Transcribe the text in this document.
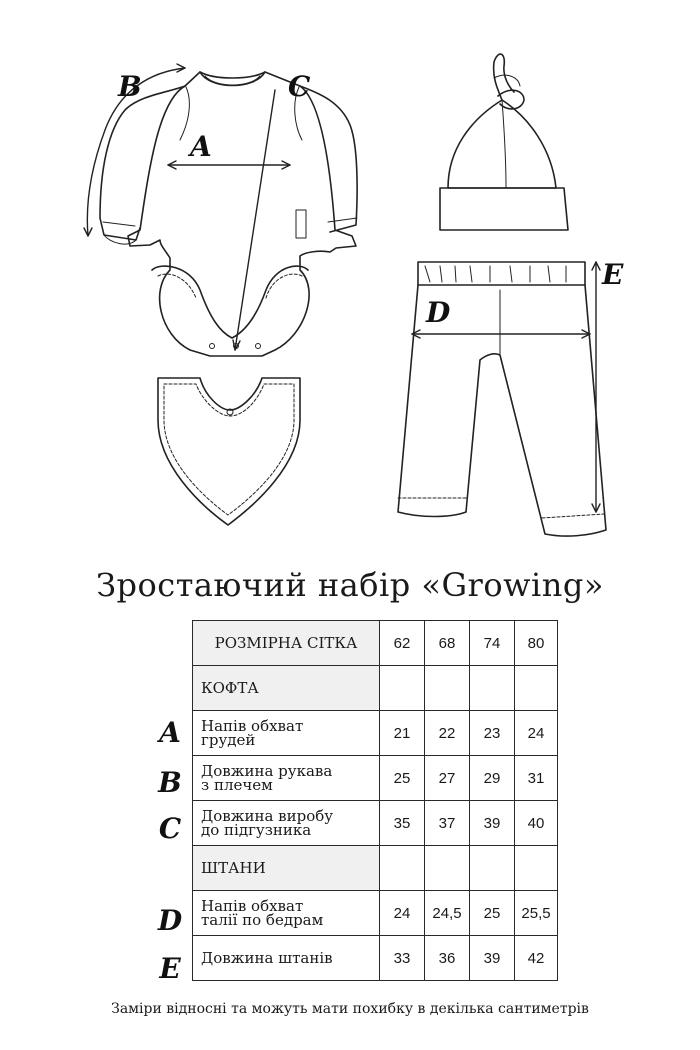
A
B	C
D
E
Зростаючий набір «Growing»
A
B
C
D
E
РОЗМІРНА СІТКА	62	68	74	80
КОФТА				
Напів обхват
грудей	21	22	23	24
Довжина рукава
з плечем	25	27	29	31
Довжина виробу
до підгузника	35	37	39	40
ШТАНИ				
Напів обхват
талії по бедрам	24	24,5	25	25,5
Довжина штанів	33	36	39	42
Заміри відносні та можуть мати похибку в декілька сантиметрів
